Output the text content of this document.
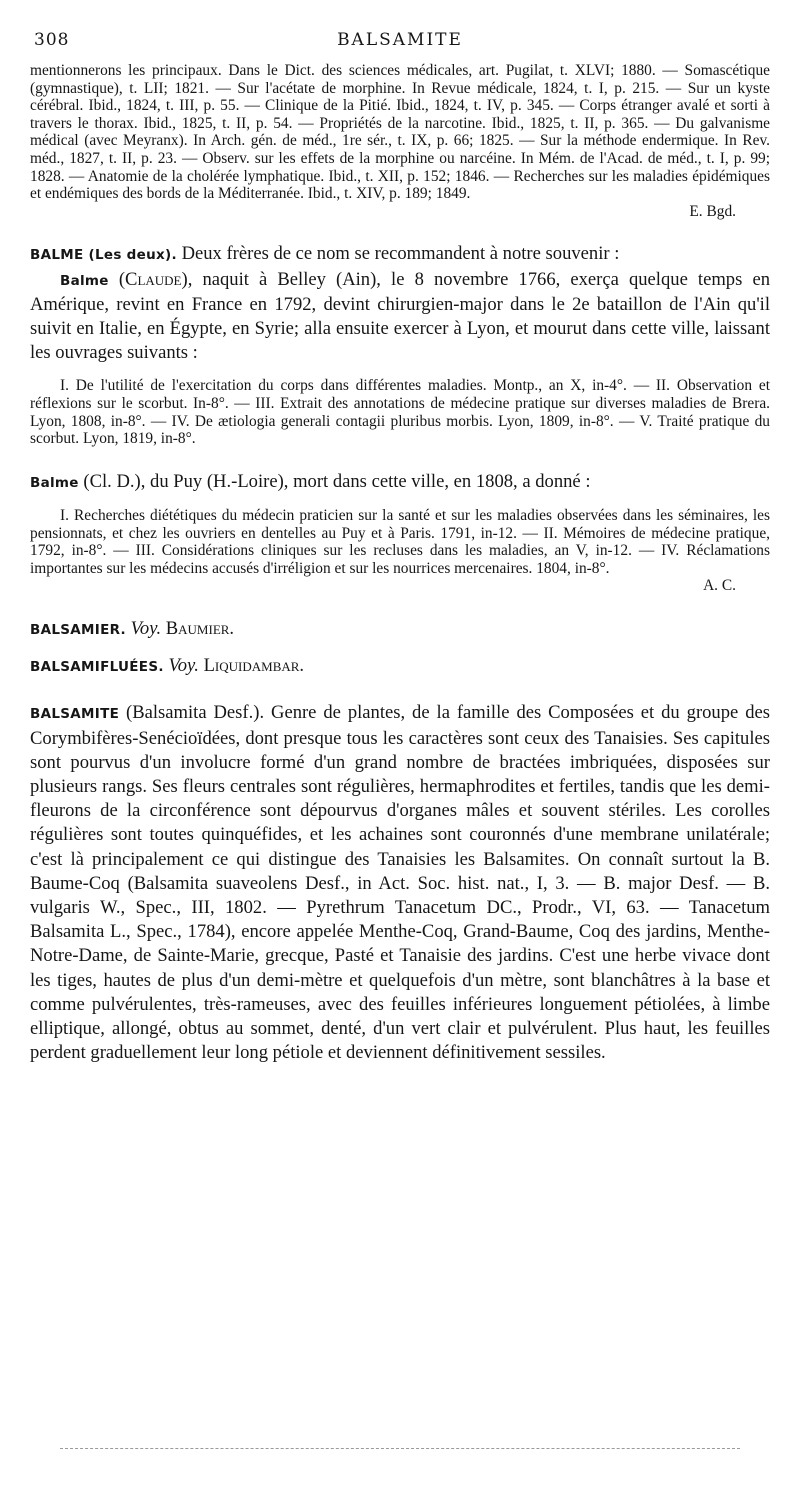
308	BALSAMITE

mentionnerons les principaux. Dans le Dict. des sciences médicales, art. Pugilat, t. XLVI; 1880. — Somascétique (gymnastique), t. LII; 1821. — Sur l'acétate de morphine. In Revue médicale, 1824, t. I, p. 215. — Sur un kyste cérébral. Ibid., 1824, t. III, p. 55. — Clinique de la Pitié. Ibid., 1824, t. IV, p. 345. — Corps étranger avalé et sorti à travers le thorax. Ibid., 1825, t. II, p. 54. — Propriétés de la narcotine. Ibid., 1825, t. II, p. 365. — Du galvanisme médical (avec Meyranx). In Arch. gén. de méd., 1re sér., t. IX, p. 66; 1825. — Sur la méthode endermique. In Rev. méd., 1827, t. II, p. 23. — Observ. sur les effets de la morphine ou narcéine. In Mém. de l'Acad. de méd., t. I, p. 99; 1828. — Anatomie de la cholérée lymphatique. Ibid., t. XII, p. 152; 1846. — Recherches sur les maladies épidémiques et endémiques des bords de la Méditerranée. Ibid., t. XIV, p. 189; 1849.
E. Bgd.

BALME (Les deux). Deux frères de ce nom se recommandent à notre souvenir :

Balme (Claude), naquit à Belley (Ain), le 8 novembre 1766, exerça quelque temps en Amérique, revint en France en 1792, devint chirurgien-major dans le 2e bataillon de l'Ain qu'il suivit en Italie, en Égypte, en Syrie; alla ensuite exercer à Lyon, et mourut dans cette ville, laissant les ouvrages suivants :

I. De l'utilité de l'exercitation du corps dans différentes maladies. Montp., an X, in-4°. — II. Observation et réflexions sur le scorbut. In-8°. — III. Extrait des annotations de médecine pratique sur diverses maladies de Brera. Lyon, 1808, in-8°. — IV. De ætiologia generali contagii pluribus morbis. Lyon, 1809, in-8°. — V. Traité pratique du scorbut. Lyon, 1819, in-8°.

Balme (Cl. D.), du Puy (H.-Loire), mort dans cette ville, en 1808, a donné :

I. Recherches diététiques du médecin praticien sur la santé et sur les maladies observées dans les séminaires, les pensionnats, et chez les ouvriers en dentelles au Puy et à Paris. 1791, in-12. — II. Mémoires de médecine pratique, 1792, in-8°. — III. Considérations cliniques sur les recluses dans les maladies, an V, in-12. — IV. Réclamations importantes sur les médecins accusés d'irréligion et sur les nourrices mercenaires. 1804, in-8°.
A. C.

BALSAMIER. Voy. Baumier.

BALSAMIFLUÉES. Voy. Liquidambar.

BALSAMITE (Balsamita Desf.). Genre de plantes, de la famille des Composées et du groupe des Corymbifères-Senécioïdées, dont presque tous les caractères sont ceux des Tanaisies. Ses capitules sont pourvus d'un involucre formé d'un grand nombre de bractées imbriquées, disposées sur plusieurs rangs. Ses fleurs centrales sont régulières, hermaphrodites et fertiles, tandis que les demi-fleurons de la circonférence sont dépourvus d'organes mâles et souvent stériles. Les corolles régulières sont toutes quinquéfides, et les achaines sont couronnés d'une membrane unilatérale; c'est là principalement ce qui distingue des Tanaisies les Balsamites. On connaît surtout la B. Baume-Coq (Balsamita suaveolens Desf., in Act. Soc. hist. nat., I, 3. — B. major Desf. — B. vulgaris W., Spec., III, 1802. — Pyrethrum Tanacetum DC., Prodr., VI, 63. — Tanacetum Balsamita L., Spec., 1784), encore appelée Menthe-Coq, Grand-Baume, Coq des jardins, Menthe-Notre-Dame, de Sainte-Marie, grecque, Pasté et Tanaisie des jardins. C'est une herbe vivace dont les tiges, hautes de plus d'un demi-mètre et quelquefois d'un mètre, sont blanchâtres à la base et comme pulvérulentes, très-rameuses, avec des feuilles inférieures longuement pétiolées, à limbe elliptique, allongé, obtus au sommet, denté, d'un vert clair et pulvérulent. Plus haut, les feuilles perdent graduellement leur long pétiole et deviennent définitivement sessiles.
